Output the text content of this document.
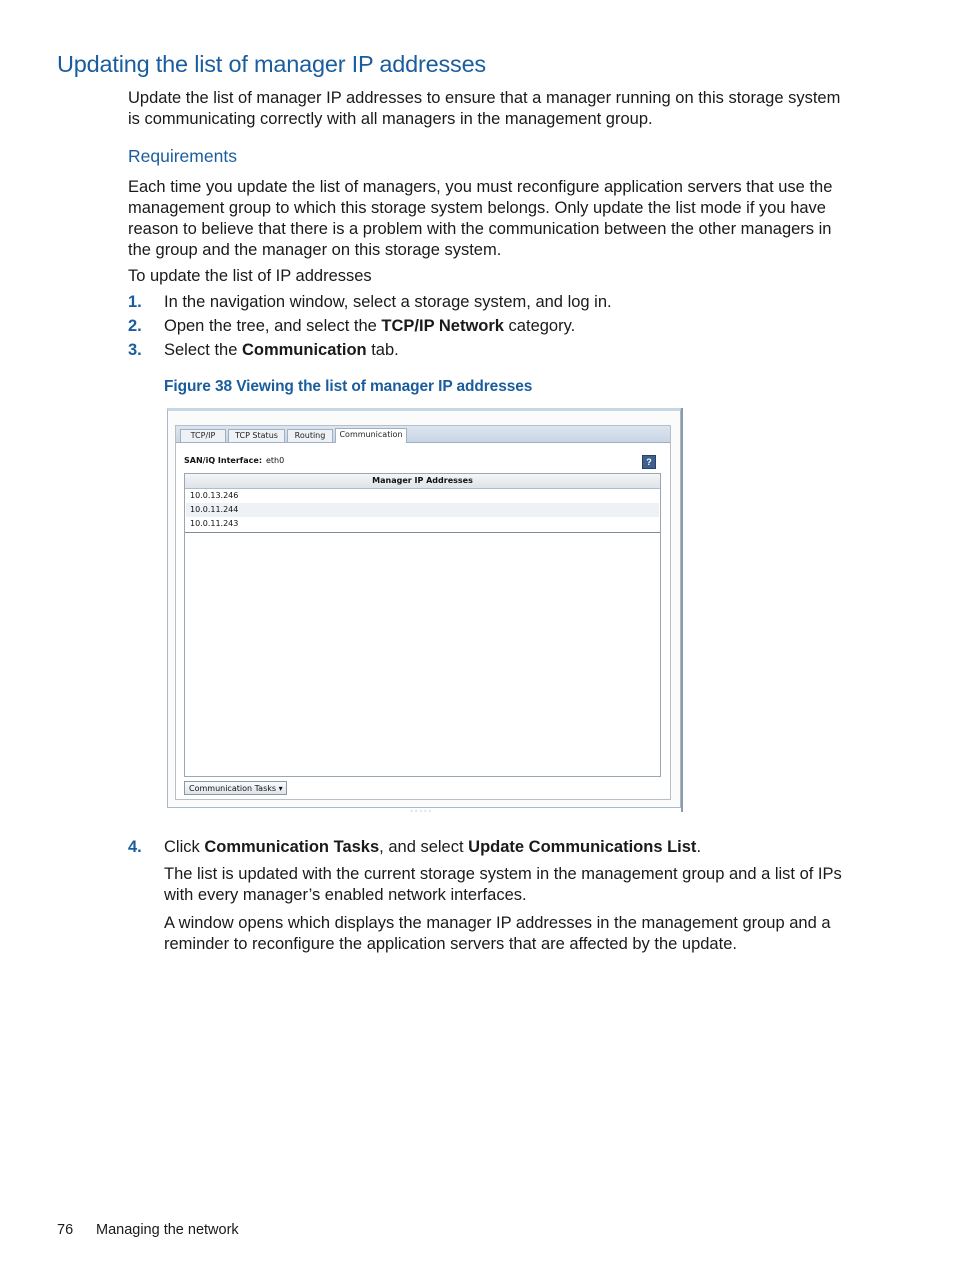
Updating the list of manager IP addresses
Update the list of manager IP addresses to ensure that a manager running on this storage system
is communicating correctly with all managers in the management group.
Requirements
Each time you update the list of managers, you must reconfigure application servers that use the
management group to which this storage system belongs. Only update the list mode if you have
reason to believe that there is a problem with the communication between the other managers in
the group and the manager on this storage system.
To update the list of IP addresses
1. In the navigation window, select a storage system, and log in.
2. Open the tree, and select the TCP/IP Network category.
3. Select the Communication tab.
Figure 38 Viewing the list of manager IP addresses
TCP/IP	TCP Status	Routing	Communication
SAN/iQ Interface: eth0	?
Manager IP Addresses
10.0.13.246
10.0.11.244
10.0.11.243
Communication Tasks ▾
◦◦◦◦◦
4. Click Communication Tasks, and select Update Communications List.
The list is updated with the current storage system in the management group and a list of IPs
with every manager’s enabled network interfaces.
A window opens which displays the manager IP addresses in the management group and a
reminder to reconfigure the application servers that are affected by the update.
76 Managing the network
